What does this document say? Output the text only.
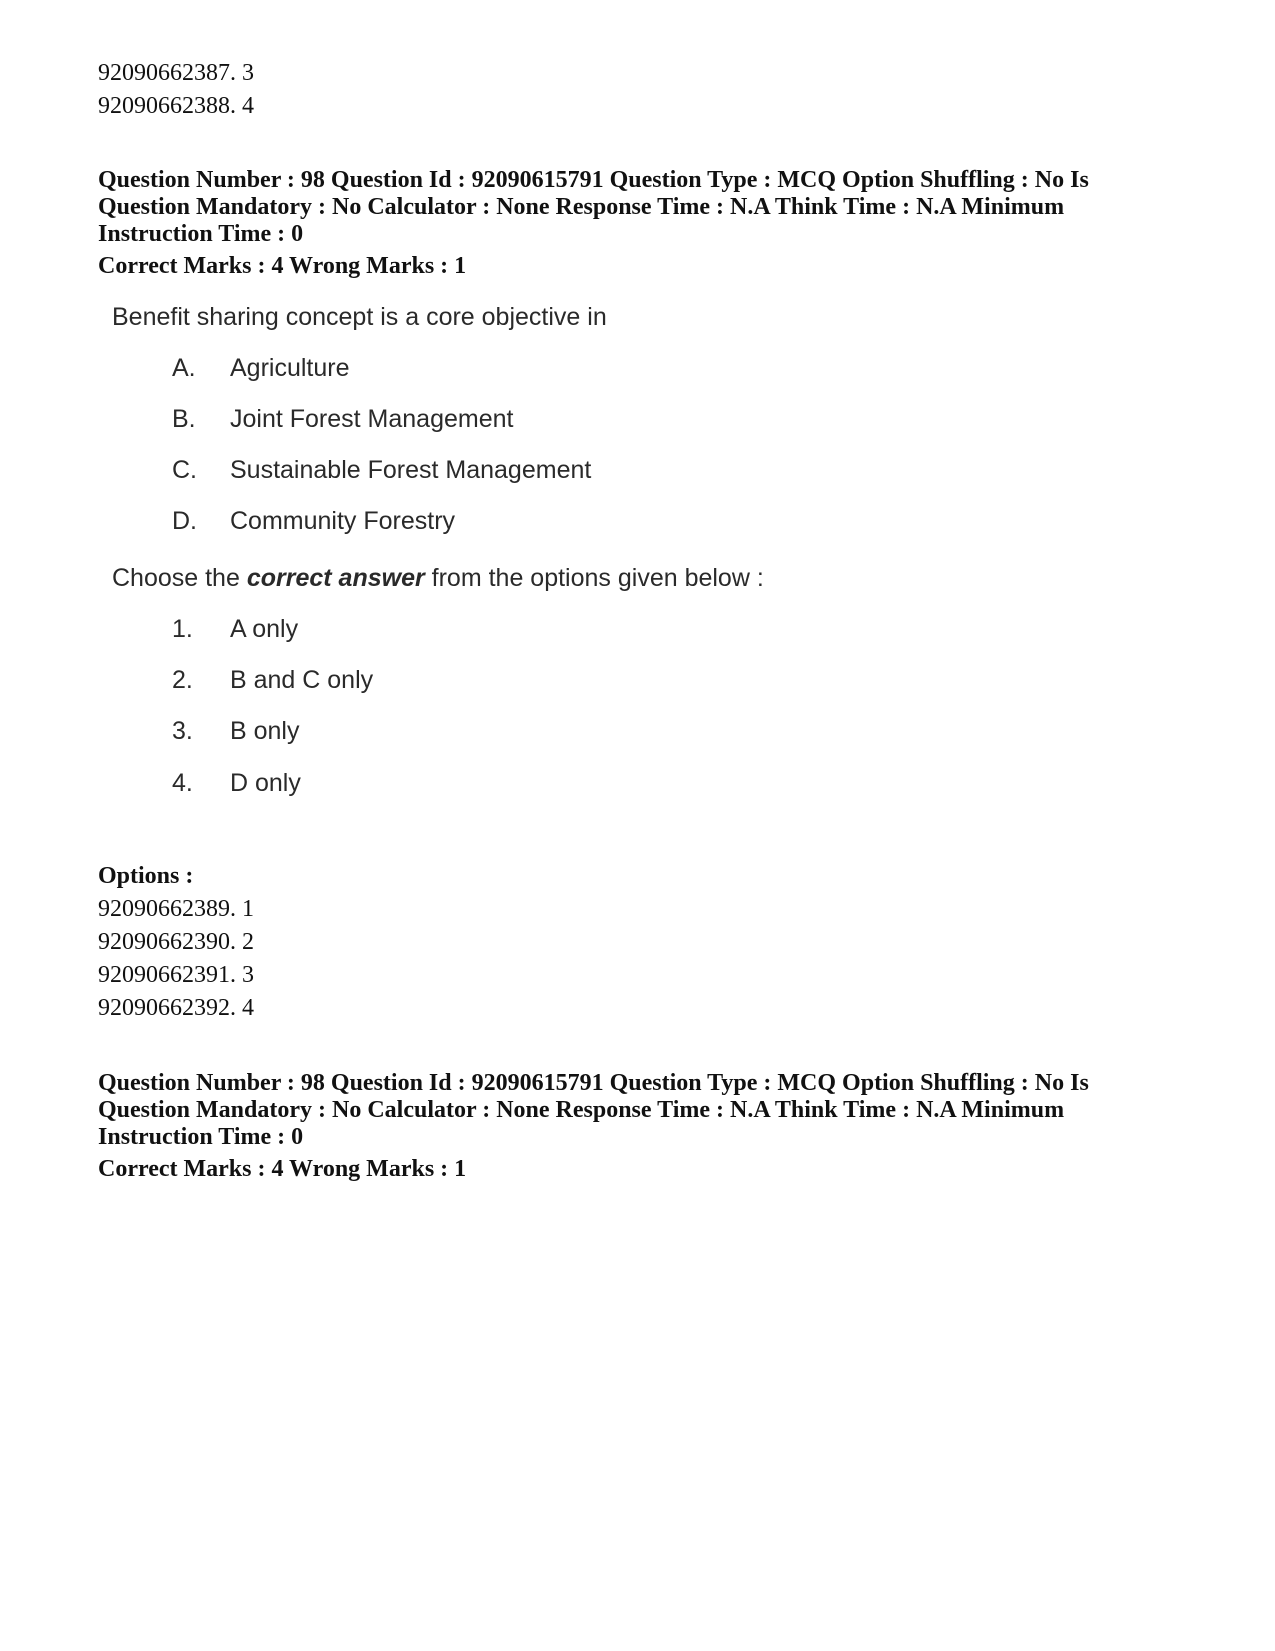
92090662387. 3
92090662388. 4
Question Number : 98 Question Id : 92090615791 Question Type : MCQ Option Shuffling : No Is
Question Mandatory : No Calculator : None Response Time : N.A Think Time : N.A Minimum
Instruction Time : 0
Correct Marks : 4 Wrong Marks : 1
Benefit sharing concept is a core objective in
A. Agriculture
B. Joint Forest Management
C. Sustainable Forest Management
D. Community Forestry
Choose the correct answer from the options given below :
1. A only
2. B and C only
3. B only
4. D only
Options :
92090662389. 1
92090662390. 2
92090662391. 3
92090662392. 4
Question Number : 98 Question Id : 92090615791 Question Type : MCQ Option Shuffling : No Is
Question Mandatory : No Calculator : None Response Time : N.A Think Time : N.A Minimum
Instruction Time : 0
Correct Marks : 4 Wrong Marks : 1
